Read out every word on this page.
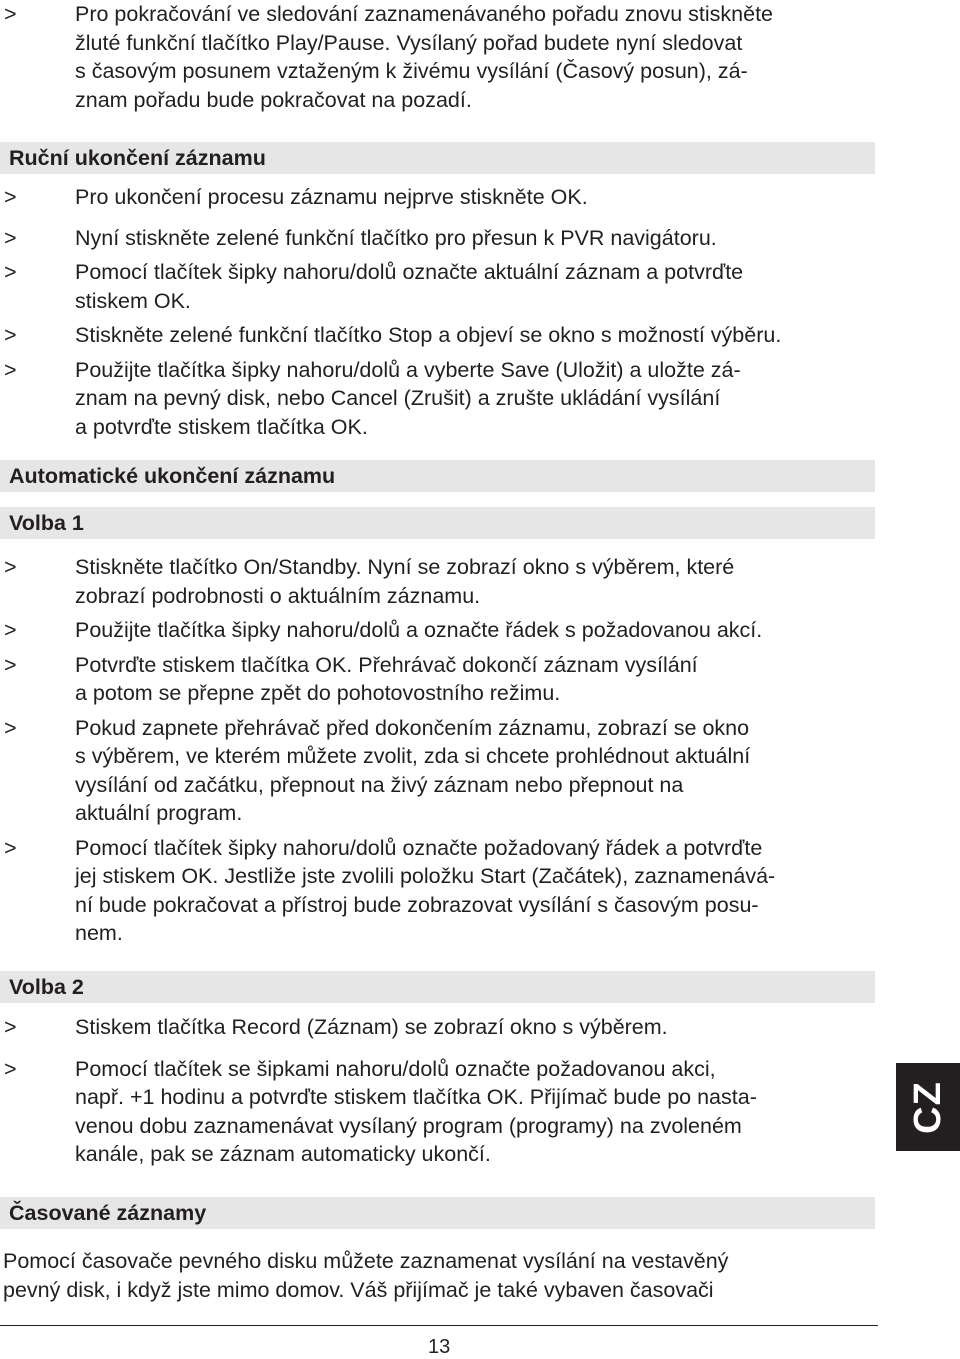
>	Pro pokračování ve sledování zaznamenávaného pořadu znovu stiskněte
žluté funkční tlačítko Play/Pause. Vysílaný pořad budete nyní sledovat
s časovým posunem vztaženým k živému vysílání (Časový posun), zá-
znam pořadu bude pokračovat na pozadí.
Ruční ukončení záznamu
>	Pro ukončení procesu záznamu nejprve stiskněte OK.
>	Nyní stiskněte zelené funkční tlačítko pro přesun k PVR navigátoru.
>	Pomocí tlačítek šipky nahoru/dolů označte aktuální záznam a potvrďte
stiskem OK.
>	Stiskněte zelené funkční tlačítko Stop a objeví se okno s možností výběru.
>	Použijte tlačítka šipky nahoru/dolů a vyberte Save (Uložit) a uložte zá-
znam na pevný disk, nebo Cancel (Zrušit) a zrušte ukládání vysílání
a potvrďte stiskem tlačítka OK.
Automatické ukončení záznamu
Volba 1
>	Stiskněte tlačítko On/Standby. Nyní se zobrazí okno s výběrem, které
zobrazí podrobnosti o aktuálním záznamu.
>	Použijte tlačítka šipky nahoru/dolů a označte řádek s požadovanou akcí.
>	Potvrďte stiskem tlačítka OK. Přehrávač dokončí záznam vysílání
a potom se přepne zpět do pohotovostního režimu.
>	Pokud zapnete přehrávač před dokončením záznamu, zobrazí se okno
s výběrem, ve kterém můžete zvolit, zda si chcete prohlédnout aktuální
vysílání od začátku, přepnout na živý záznam nebo přepnout na
aktuální program.
>	Pomocí tlačítek šipky nahoru/dolů označte požadovaný řádek a potvrďte
jej stiskem OK. Jestliže jste zvolili položku Start (Začátek), zaznamenává-
ní bude pokračovat a přístroj bude zobrazovat vysílání s časovým posu-
nem.
Volba 2
>	Stiskem tlačítka Record (Záznam) se zobrazí okno s výběrem.
>	Pomocí tlačítek se šipkami nahoru/dolů označte požadovanou akci,
např. +1 hodinu a potvrďte stiskem tlačítka OK. Přijímač bude po nasta-
venou dobu zaznamenávat vysílaný program (programy) na zvoleném
kanále, pak se záznam automaticky ukončí.
Časované záznamy
Pomocí časovače pevného disku můžete zaznamenat vysílání na vestavěný
pevný disk, i když jste mimo domov. Váš přijímač je také vybaven časovači
CZ
13
